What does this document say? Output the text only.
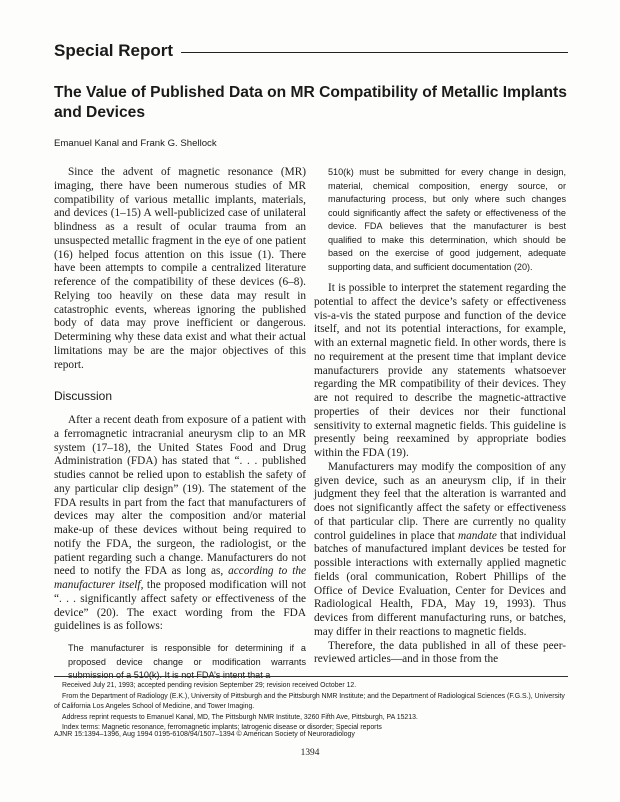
Special Report
The Value of Published Data on MR Compatibility of Metallic Implants and Devices
Emanuel Kanal and Frank G. Shellock

Since the advent of magnetic resonance (MR) imaging, there have been numerous studies of MR compatibility of various metallic implants, materials, and devices (1–15) A well-publicized case of unilateral blindness as a result of ocular trauma from an unsuspected metallic fragment in the eye of one patient (16) helped focus attention on this issue (1). There have been attempts to compile a centralized literature reference of the compatibility of these devices (6–8). Relying too heavily on these data may result in catastrophic events, whereas ignoring the published body of data may prove inefficient or dangerous. Determining why these data exist and what their actual limitations may be are the major objectives of this report.

Discussion

After a recent death from exposure of a patient with a ferromagnetic intracranial aneurysm clip to an MR system (17–18), the United States Food and Drug Administration (FDA) has stated that “. . . published studies cannot be relied upon to establish the safety of any particular clip design” (19). The statement of the FDA results in part from the fact that manufacturers of devices may alter the composition and/or material make-up of these devices without being required to notify the FDA, the surgeon, the radiologist, or the patient regarding such a change. Manufacturers do not need to notify the FDA as long as, according to the manufacturer itself, the proposed modification will not “. . . significantly affect safety or effectiveness of the device” (20). The exact wording from the FDA guidelines is as follows:

The manufacturer is responsible for determining if a proposed device change or modification warrants submission of a 510(k). It is not FDA’s intent that a

510(k) must be submitted for every change in design, material, chemical composition, energy source, or manufacturing process, but only where such changes could significantly affect the safety or effectiveness of the device. FDA believes that the manufacturer is best qualified to make this determination, which should be based on the exercise of good judgement, adequate supporting data, and sufficient documentation (20).

It is possible to interpret the statement regarding the potential to affect the device’s safety or effectiveness vis-a-vis the stated purpose and function of the device itself, and not its potential interactions, for example, with an external magnetic field. In other words, there is no requirement at the present time that implant device manufacturers provide any statements whatsoever regarding the MR compatibility of their devices. They are not required to describe the magnetic-attractive properties of their devices nor their functional sensitivity to external magnetic fields. This guideline is presently being reexamined by appropriate bodies within the FDA (19).

Manufacturers may modify the composition of any given device, such as an aneurysm clip, if in their judgment they feel that the alteration is warranted and does not significantly affect the safety or effectiveness of that particular clip. There are currently no quality control guidelines in place that mandate that individual batches of manufactured implant devices be tested for possible interactions with externally applied magnetic fields (oral communication, Robert Phillips of the Office of Device Evaluation, Center for Devices and Radiological Health, FDA, May 19, 1993). Thus devices from different manufacturing runs, or batches, may differ in their reactions to magnetic fields.

Therefore, the data published in all of these peer-reviewed articles—and in those from the

Received July 21, 1993; accepted pending revision September 29; revision received October 12.

From the Department of Radiology (E.K.), University of Pittsburgh and the Pittsburgh NMR Institute; and the Department of Radiological Sciences (F.G.S.), University of California Los Angeles School of Medicine, and Tower Imaging.

Address reprint requests to Emanuel Kanal, MD, The Pittsburgh NMR Institute, 3260 Fifth Ave, Pittsburgh, PA 15213.

Index terms: Magnetic resonance, ferromagnetic implants; Iatrogenic disease or disorder; Special reports

AJNR 15:1394–1396, Aug 1994 0195-6108/94/1507–1394 © American Society of Neuroradiology
1394
